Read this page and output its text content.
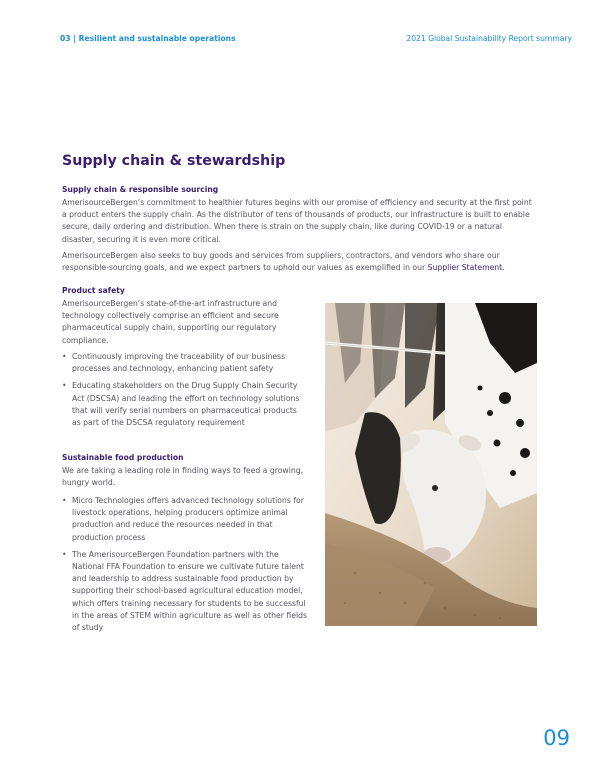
03 | Resilient and sustainable operations	2021 Global Sustainability Report summary
Supply chain & stewardship
Supply chain & responsible sourcing

AmerisourceBergen’s commitment to healthier futures begins with our promise of efficiency and security at the first point a product enters the supply chain. As the distributor of tens of thousands of products, our infrastructure is built to enable secure, daily ordering and distribution. When there is strain on the supply chain, like during COVID-19 or a natural disaster, securing it is even more critical.

AmerisourceBergen also seeks to buy goods and services from suppliers, contractors, and vendors who share our responsible-sourcing goals, and we expect partners to uphold our values as exemplified in our Supplier Statement.

Product safety

AmerisourceBergen’s state-of-the-art infrastructure and technology collectively comprise an efficient and secure pharmaceutical supply chain, supporting our regulatory compliance.

• Continuously improving the traceability of our business processes and technology, enhancing patient safety
• Educating stakeholders on the Drug Supply Chain Security Act (DSCSA) and leading the effort on technology solutions that will verify serial numbers on pharmaceutical products as part of the DSCSA regulatory requirement
Sustainable food production

We are taking a leading role in finding ways to feed a growing, hungry world.

• Micro Technologies offers advanced technology solutions for livestock operations, helping producers optimize animal production and reduce the resources needed in that production process
• The AmerisourceBergen Foundation partners with the National FFA Foundation to ensure we cultivate future talent and leadership to address sustainable food production by supporting their school-based agricultural education model, which offers training necessary for students to be successful in the areas of STEM within agriculture as well as other fields of study
09
